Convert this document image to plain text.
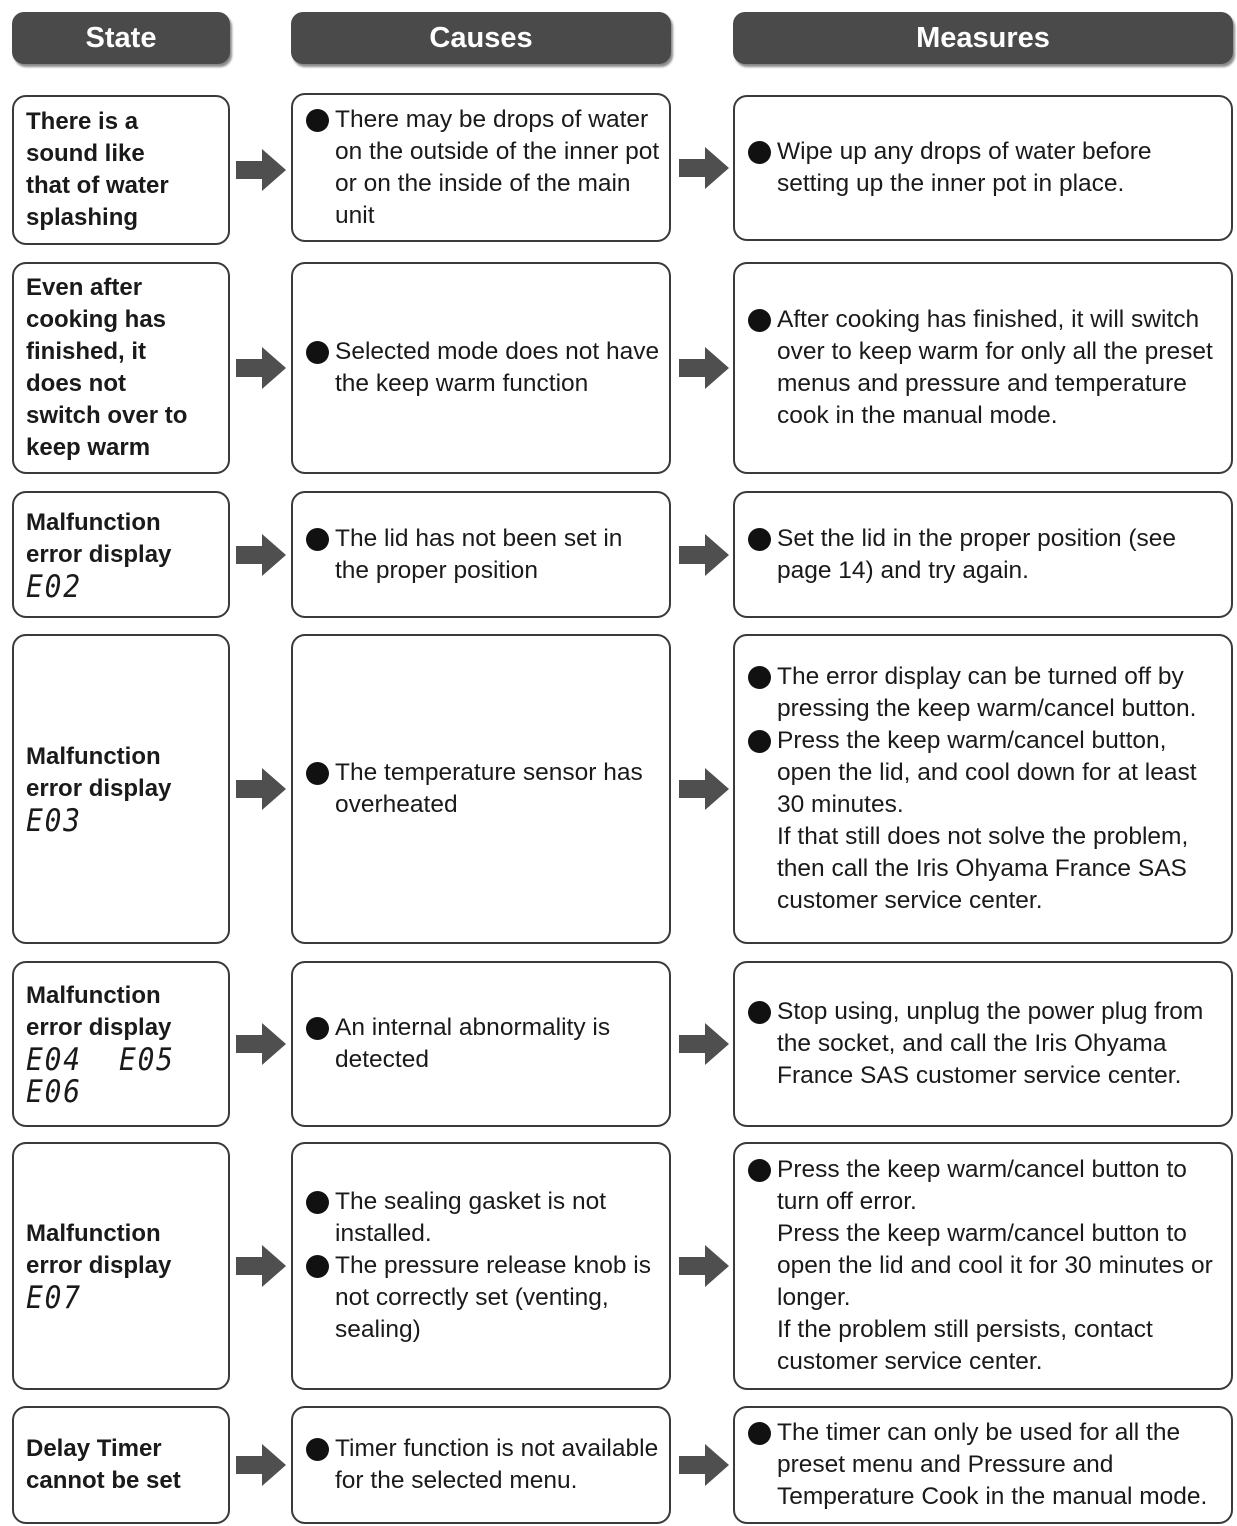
State	Causes	Measures
There is a
sound like
that of water
splashing
There may be drops of water on the outside of the inner pot or on the inside of the main unit
Wipe up any drops of water before setting up the inner pot in place.
Even after
cooking has
finished, it
does not
switch over to
keep warm
Selected mode does not have the keep warm function
After cooking has finished, it will switch over to keep warm for only all the preset menus and pressure and temperature cook in the manual mode.
Malfunction
error display
E02
The lid has not been set in the proper position
Set the lid in the proper position (see page 14) and try again.
Malfunction
error display
E03
The temperature sensor has overheated
The error display can be turned off by pressing the keep warm/cancel button.
Press the keep warm/cancel button, open the lid, and cool down for at least 30 minutes.
If that still does not solve the problem, then call the Iris Ohyama France SAS customer service center.
Malfunction
error display
E04  E05
E06
An internal abnormality is detected
Stop using, unplug the power plug from the socket, and call the Iris Ohyama France SAS customer service center.
Malfunction
error display
E07
The sealing gasket is not installed.
The pressure release knob is not correctly set (venting, sealing)
Press the keep warm/cancel button to turn off error.
Press the keep warm/cancel button to open the lid and cool it for 30 minutes or longer.
If the problem still persists, contact customer service center.
Delay Timer
cannot be set
Timer function is not available for the selected menu.
The timer can only be used for all the preset menu and Pressure and Temperature Cook in the manual mode.
